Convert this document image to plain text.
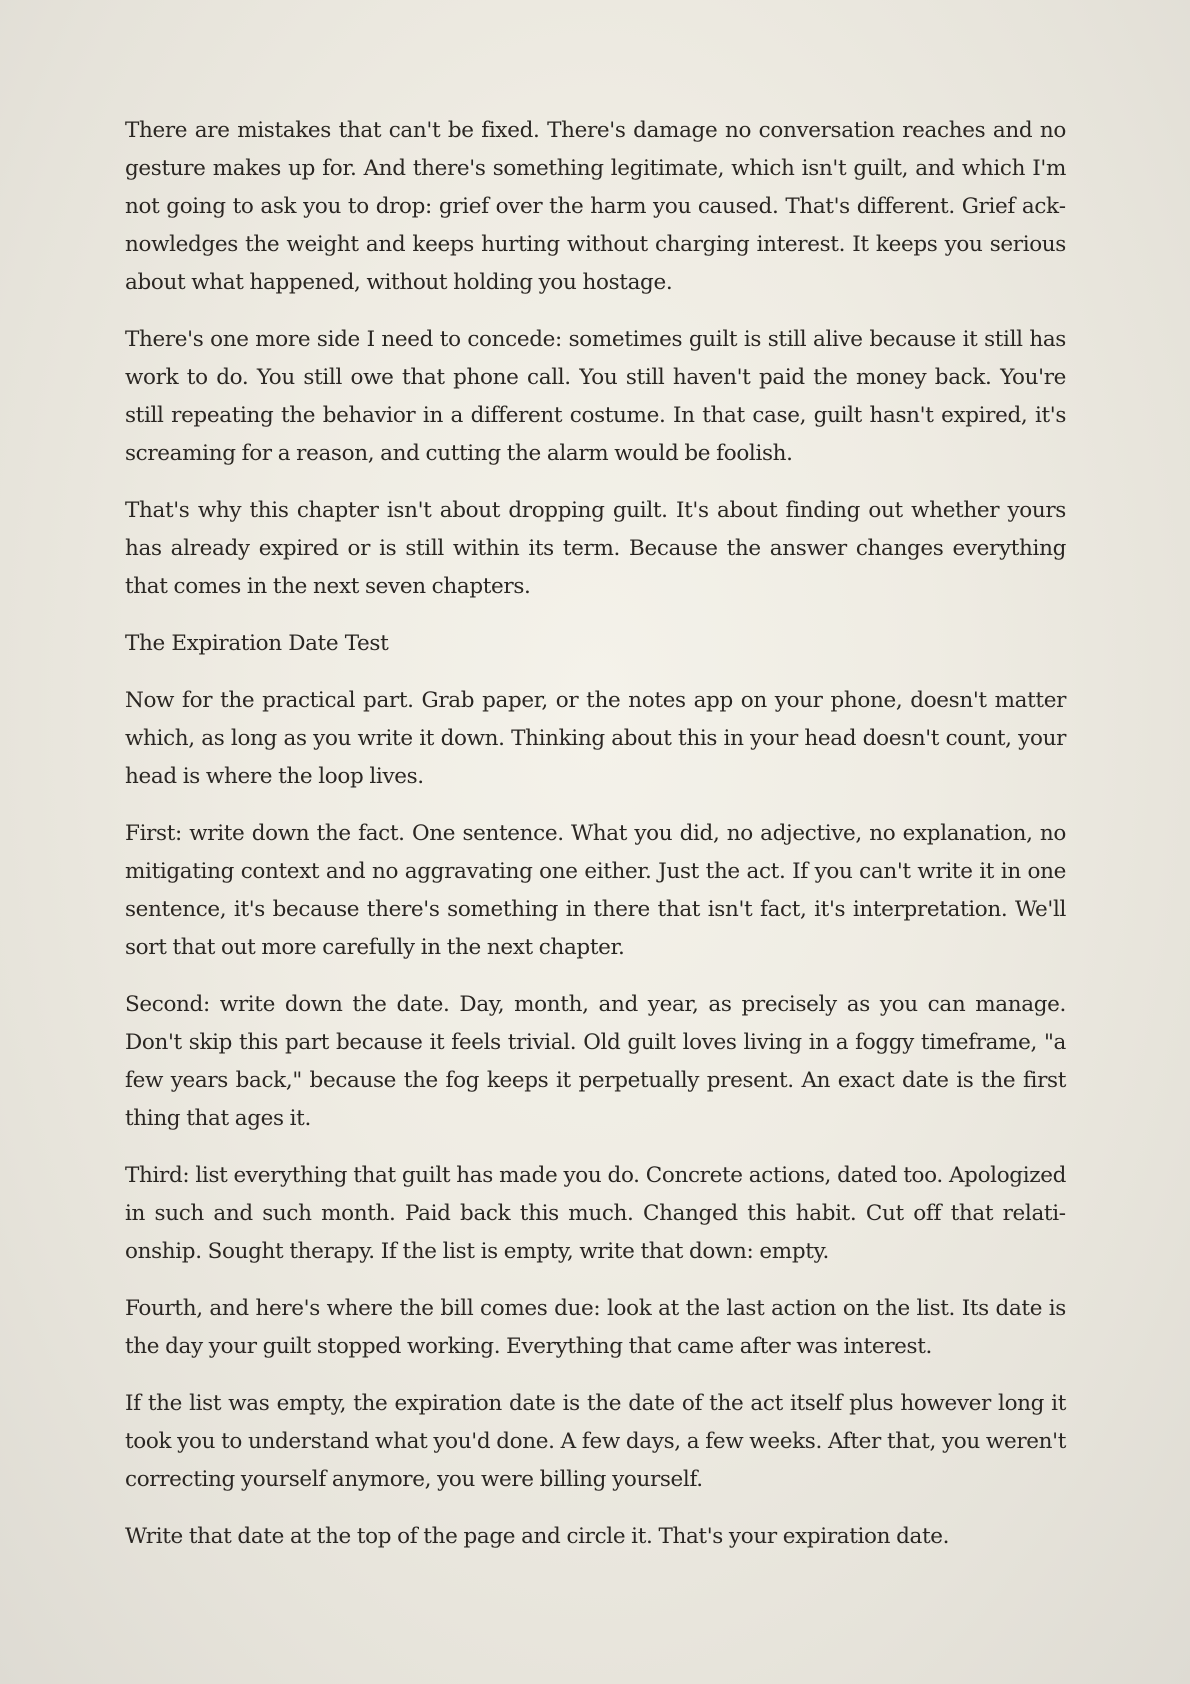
There are mistakes that can't be fixed. There's damage no conversation reaches and no gesture makes up for. And there's something legitimate, which isn't guilt, and which I'm not going to ask you to drop: grief over the harm you caused. That's different. Grief acknowledges the weight and keeps hurting without charging interest. It keeps you serious about what happened, without holding you hostage.

There's one more side I need to concede: sometimes guilt is still alive because it still has work to do. You still owe that phone call. You still haven't paid the money back. You're still repeating the behavior in a different costume. In that case, guilt hasn't expired, it's screaming for a reason, and cutting the alarm would be foolish.

That's why this chapter isn't about dropping guilt. It's about finding out whether yours has already expired or is still within its term. Because the answer changes everything that comes in the next seven chapters.

The Expiration Date Test

Now for the practical part. Grab paper, or the notes app on your phone, doesn't matter which, as long as you write it down. Thinking about this in your head doesn't count, your head is where the loop lives.

First: write down the fact. One sentence. What you did, no adjective, no explanation, no mitigating context and no aggravating one either. Just the act. If you can't write it in one sentence, it's because there's something in there that isn't fact, it's interpretation. We'll sort that out more carefully in the next chapter.

Second: write down the date. Day, month, and year, as precisely as you can manage. Don't skip this part because it feels trivial. Old guilt loves living in a foggy timeframe, "a few years back," because the fog keeps it perpetually present. An exact date is the first thing that ages it.

Third: list everything that guilt has made you do. Concrete actions, dated too. Apologized in such and such month. Paid back this much. Changed this habit. Cut off that relationship. Sought therapy. If the list is empty, write that down: empty.

Fourth, and here's where the bill comes due: look at the last action on the list. Its date is the day your guilt stopped working. Everything that came after was interest.

If the list was empty, the expiration date is the date of the act itself plus however long it took you to understand what you'd done. A few days, a few weeks. After that, you weren't correcting yourself anymore, you were billing yourself.

Write that date at the top of the page and circle it. That's your expiration date.
